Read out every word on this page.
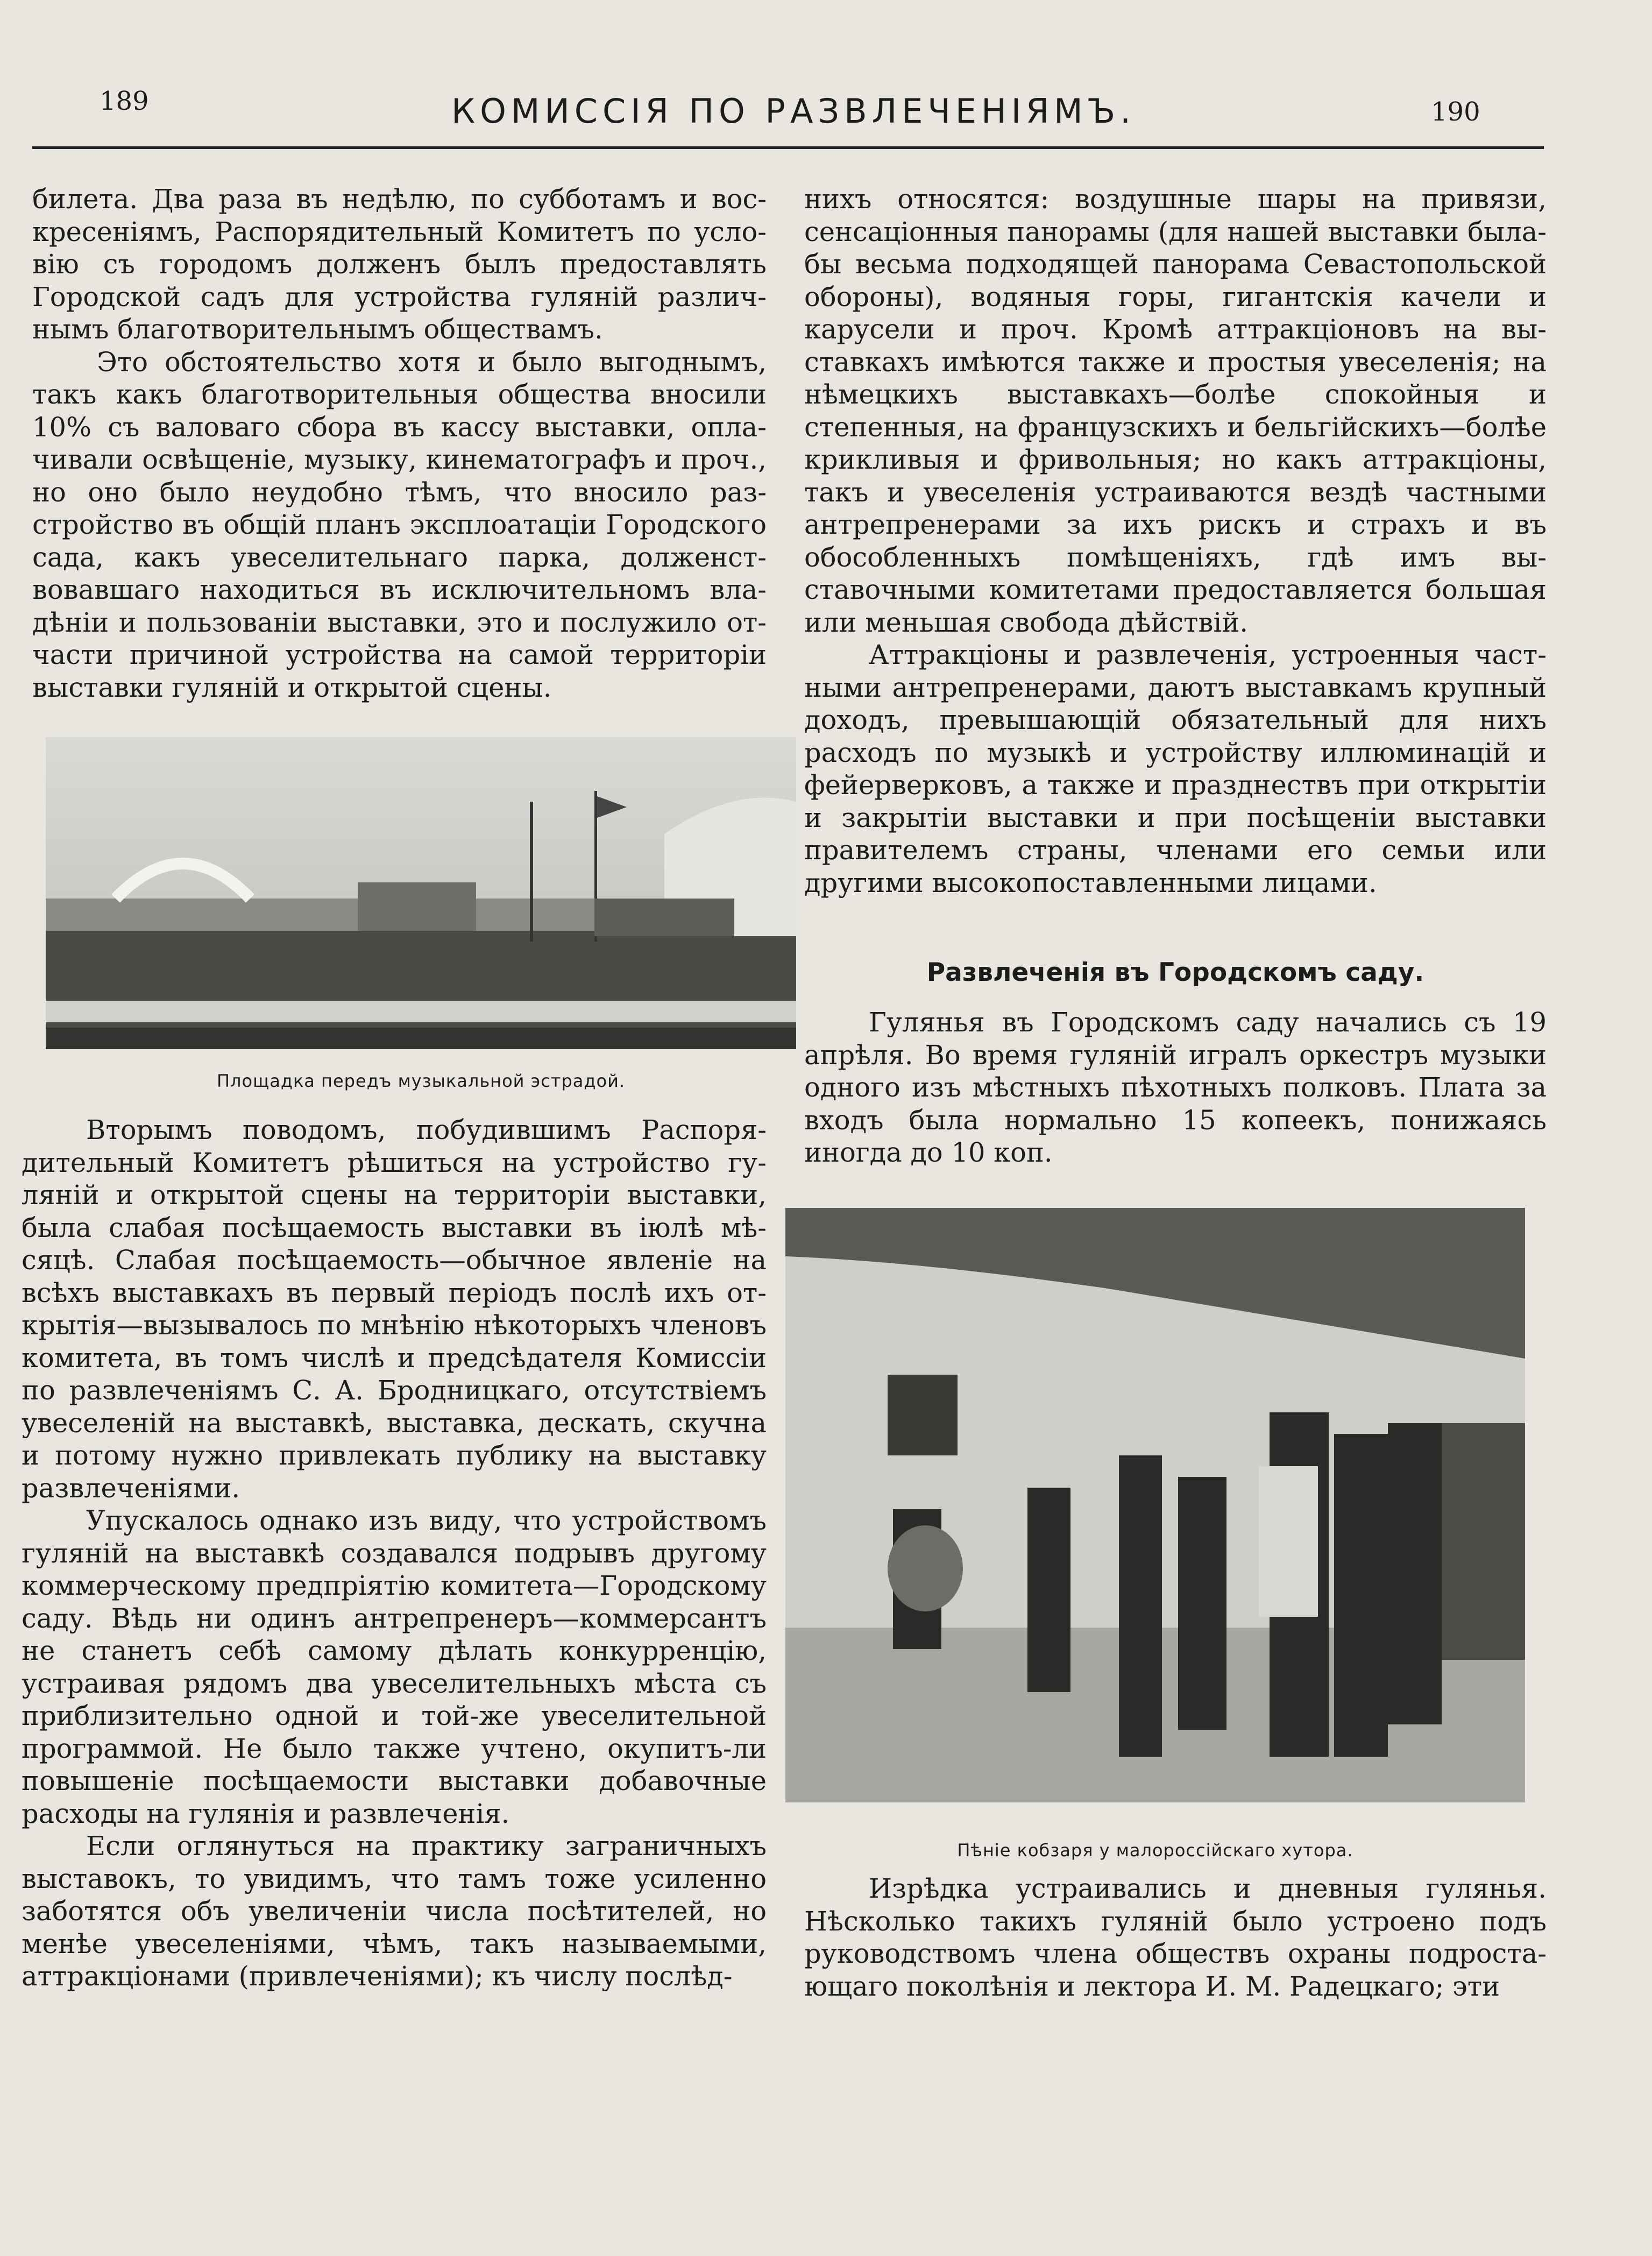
189	КОМИССІЯ ПО РАЗВЛЕЧЕНІЯМЪ.	190

билета. Два раза въ недѣлю, по субботамъ и воскресеніямъ, Распорядительный Комитетъ по условію съ городомъ долженъ былъ предоставлять Городской садъ для устройства гуляній различнымъ благотворительнымъ обществамъ.

Это обстоятельство хотя и было выгоднымъ, такъ какъ благотворительныя общества вносили 10% съ валоваго сбора въ кассу выставки, оплачивали освѣщеніе, музыку, кинематографъ и проч., но оно было неудобно тѣмъ, что вносило разстройство въ общій планъ эксплоатаціи Городского сада, какъ увеселительнаго парка, долженствовавшаго находиться въ исключительномъ владѣніи и пользованіи выставки, это и послужило отчасти причиной устройства на самой территоріи выставки гуляній и открытой сцены.

Площадка передъ музыкальной эстрадой.

Вторымъ поводомъ, побудившимъ Распорядительный Комитетъ рѣшиться на устройство гуляній и открытой сцены на территоріи выставки, была слабая посѣщаемость выставки въ іюлѣ мѣсяцѣ. Слабая посѣщаемость—обычное явленіе на всѣхъ выставкахъ въ первый періодъ послѣ ихъ открытія—вызывалось по мнѣнію нѣкоторыхъ членовъ комитета, въ томъ числѣ и предсѣдателя Комиссіи по развлеченіямъ С. А. Бродницкаго, отсутствіемъ увеселеній на выставкѣ, выставка, дескать, скучна и потому нужно привлекать публику на выставку развлеченіями.

Упускалось однако изъ виду, что устройствомъ гуляній на выставкѣ создавался подрывъ другому коммерческому предпріятію комитета—Городскому саду. Вѣдь ни одинъ антрепренеръ—коммерсантъ не станетъ себѣ самому дѣлать конкурренцію, устраивая рядомъ два увеселительныхъ мѣста съ приблизительно одной и той-же увеселительной программой. Не было также учтено, окупитъ-ли повышеніе посѣщаемости выставки добавочные расходы на гулянія и развлеченія.

Если оглянуться на практику заграничныхъ выставокъ, то увидимъ, что тамъ тоже усиленно заботятся объ увеличеніи числа посѣтителей, но менѣе увеселеніями, чѣмъ, такъ называемыми, аттракціонами (привлеченіями); къ числу послѣд-

нихъ относятся: воздушные шары на привязи, сенсаціонныя панорамы (для нашей выставки была-бы весьма подходящей панорама Севастопольской обороны), водяныя горы, гигантскія качели и карусели и проч. Кромѣ аттракціоновъ на выставкахъ имѣются также и простыя увеселенія; на нѣмецкихъ выставкахъ—болѣе спокойныя и степенныя, на французскихъ и бельгійскихъ—болѣе крикливыя и фривольныя; но какъ аттракціоны, такъ и увеселенія устраиваются вездѣ частными антрепренерами за ихъ рискъ и страхъ и въ обособленныхъ помѣщеніяхъ, гдѣ имъ выставочными комитетами предоставляется большая или меньшая свобода дѣйствій.

Аттракціоны и развлеченія, устроенныя частными антрепренерами, даютъ выставкамъ крупный доходъ, превышающій обязательный для нихъ расходъ по музыкѣ и устройству иллюминацій и фейерверковъ, а также и празднествъ при открытіи и закрытіи выставки и при посѣщеніи выставки правителемъ страны, членами его семьи или другими высокопоставленными лицами.

Развлеченія въ Городскомъ саду.

Гулянья въ Городскомъ саду начались съ 19 апрѣля. Во время гуляній игралъ оркестръ музыки одного изъ мѣстныхъ пѣхотныхъ полковъ. Плата за входъ была нормально 15 копеекъ, понижаясь иногда до 10 коп.

Пѣніе кобзаря у малороссійскаго хутора.

Изрѣдка устраивались и дневныя гулянья. Нѣсколько такихъ гуляній было устроено подъ руководствомъ члена обществъ охраны подростающаго поколѣнія и лектора И. М. Радецкаго; эти
